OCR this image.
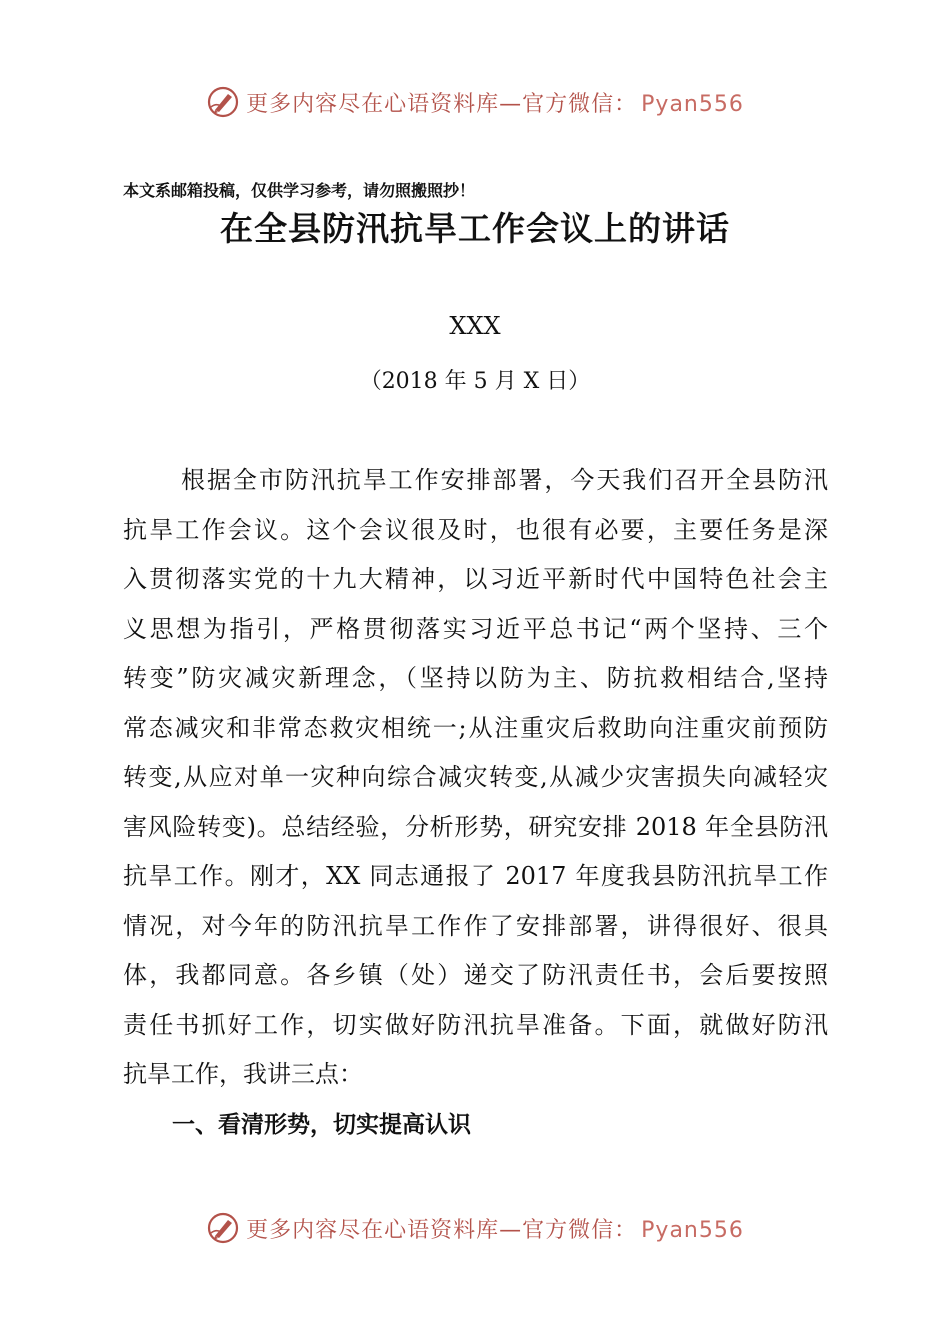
更多内容尽在心语资料库—官方微信： Pyan556
本文系邮箱投稿，仅供学习参考，请勿照搬照抄！
在全县防汛抗旱工作会议上的讲话
XXX
（2018 年 5 月 X 日）
根据全市防汛抗旱工作安排部署，今天我们召开全县防汛
抗旱工作会议。这个会议很及时，也很有必要，主要任务是深
入贯彻落实党的十九大精神，以习近平新时代中国特色社会主
义思想为指引，严格贯彻落实习近平总书记“两个坚持、三个
转变”防灾减灾新理念，（坚持以防为主、防抗救相结合,坚持
常态减灾和非常态救灾相统一;从注重灾后救助向注重灾前预防
转变,从应对单一灾种向综合减灾转变,从减少灾害损失向减轻灾
害风险转变)。总结经验，分析形势，研究安排 2018 年全县防汛
抗旱工作。刚才，XX 同志通报了 2017 年度我县防汛抗旱工作
情况，对今年的防汛抗旱工作作了安排部署，讲得很好、很具
体，我都同意。各乡镇（处）递交了防汛责任书，会后要按照
责任书抓好工作，切实做好防汛抗旱准备。下面，就做好防汛
抗旱工作，我讲三点：
一、看清形势，切实提高认识
更多内容尽在心语资料库—官方微信： Pyan556
